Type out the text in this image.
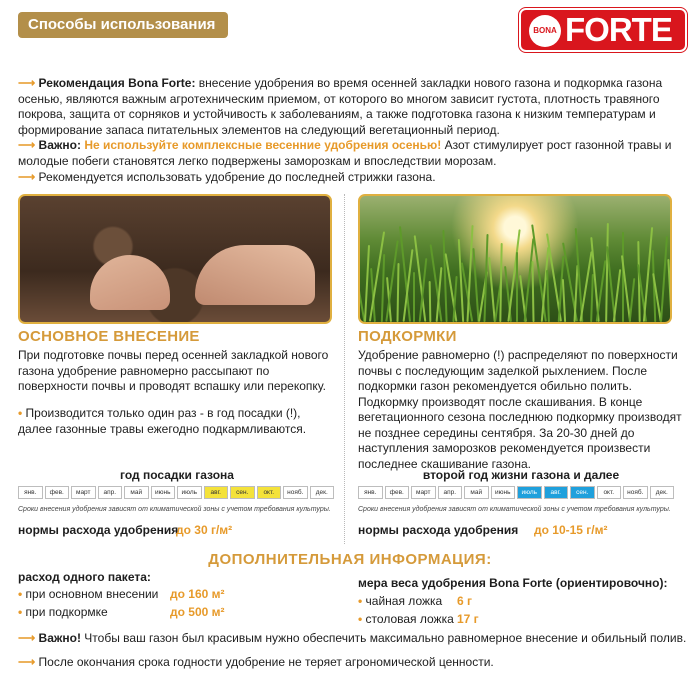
Способы использования	BONA FORTE
⟶ Рекомендация Bona Forte: внесение удобрения во время осенней закладки нового газона и подкормка газона осенью, являются важным агротехническим приемом, от которого во многом зависит густота, плотность травяного покрова, защита от сорняков и устойчивость к заболеваниям, а также подготовка газона к низким температурам и формирование запаса питательных элементов на следующий вегетационный период.
⟶ Важно: Не используйте комплексные весенние удобрения осенью! Азот стимулирует рост газонной травы и молодые побеги становятся легко подвержены заморозкам и впоследствии морозам.
⟶ Рекомендуется использовать удобрение до последней стрижки газона.
ОСНОВНОЕ ВНЕСЕНИЕ
При подготовке почвы перед осенней закладкой нового газона удобрение равномерно рассыпают по поверхности почвы и проводят вспашку или перекопку.
• Производится только один раз - в год посадки (!), далее газонные травы ежегодно подкармливаются.
год посадки газона
янв.	фев.	март	апр.	май	июнь	июль	авг.	сен.	окт.	нояб.	дек.
Сроки внесения удобрения зависят от климатической зоны с учетом требования культуры.
нормы расхода удобрения
до 30 г/м²
ПОДКОРМКИ
Удобрение равномерно (!) распределяют по поверхности почвы с последующим заделкой рыхлением. После подкормки газон рекомендуется обильно полить. Подкормку производят после скашивания. В конце вегетационного сезона последнюю подкормку производят не позднее середины сентября. За 20-30 дней до наступления заморозков рекомендуется произвести последнее скашивание газона.
второй год жизни газона и далее
янв.	фев.	март	апр.	май	июнь	июль	авг.	сен.	окт.	нояб.	дек.
Сроки внесения удобрения зависят от климатической зоны с учетом требования культуры.
нормы расхода удобрения до 10-15 г/м²
ДОПОЛНИТЕЛЬНАЯ ИНФОРМАЦИЯ:
расход одного пакета:
• при основном внесении до 160 м²
• при подкормке	до 500 м²
мера веса удобрения Bona Forte (ориентировочно):
• чайная ложка 6 г
• столовая ложка 17 г
⟶ Важно! Чтобы ваш газон был красивым нужно обеспечить максимально равномерное внесение и обильный полив.
⟶ После окончания срока годности удобрение не теряет агрономической ценности.
